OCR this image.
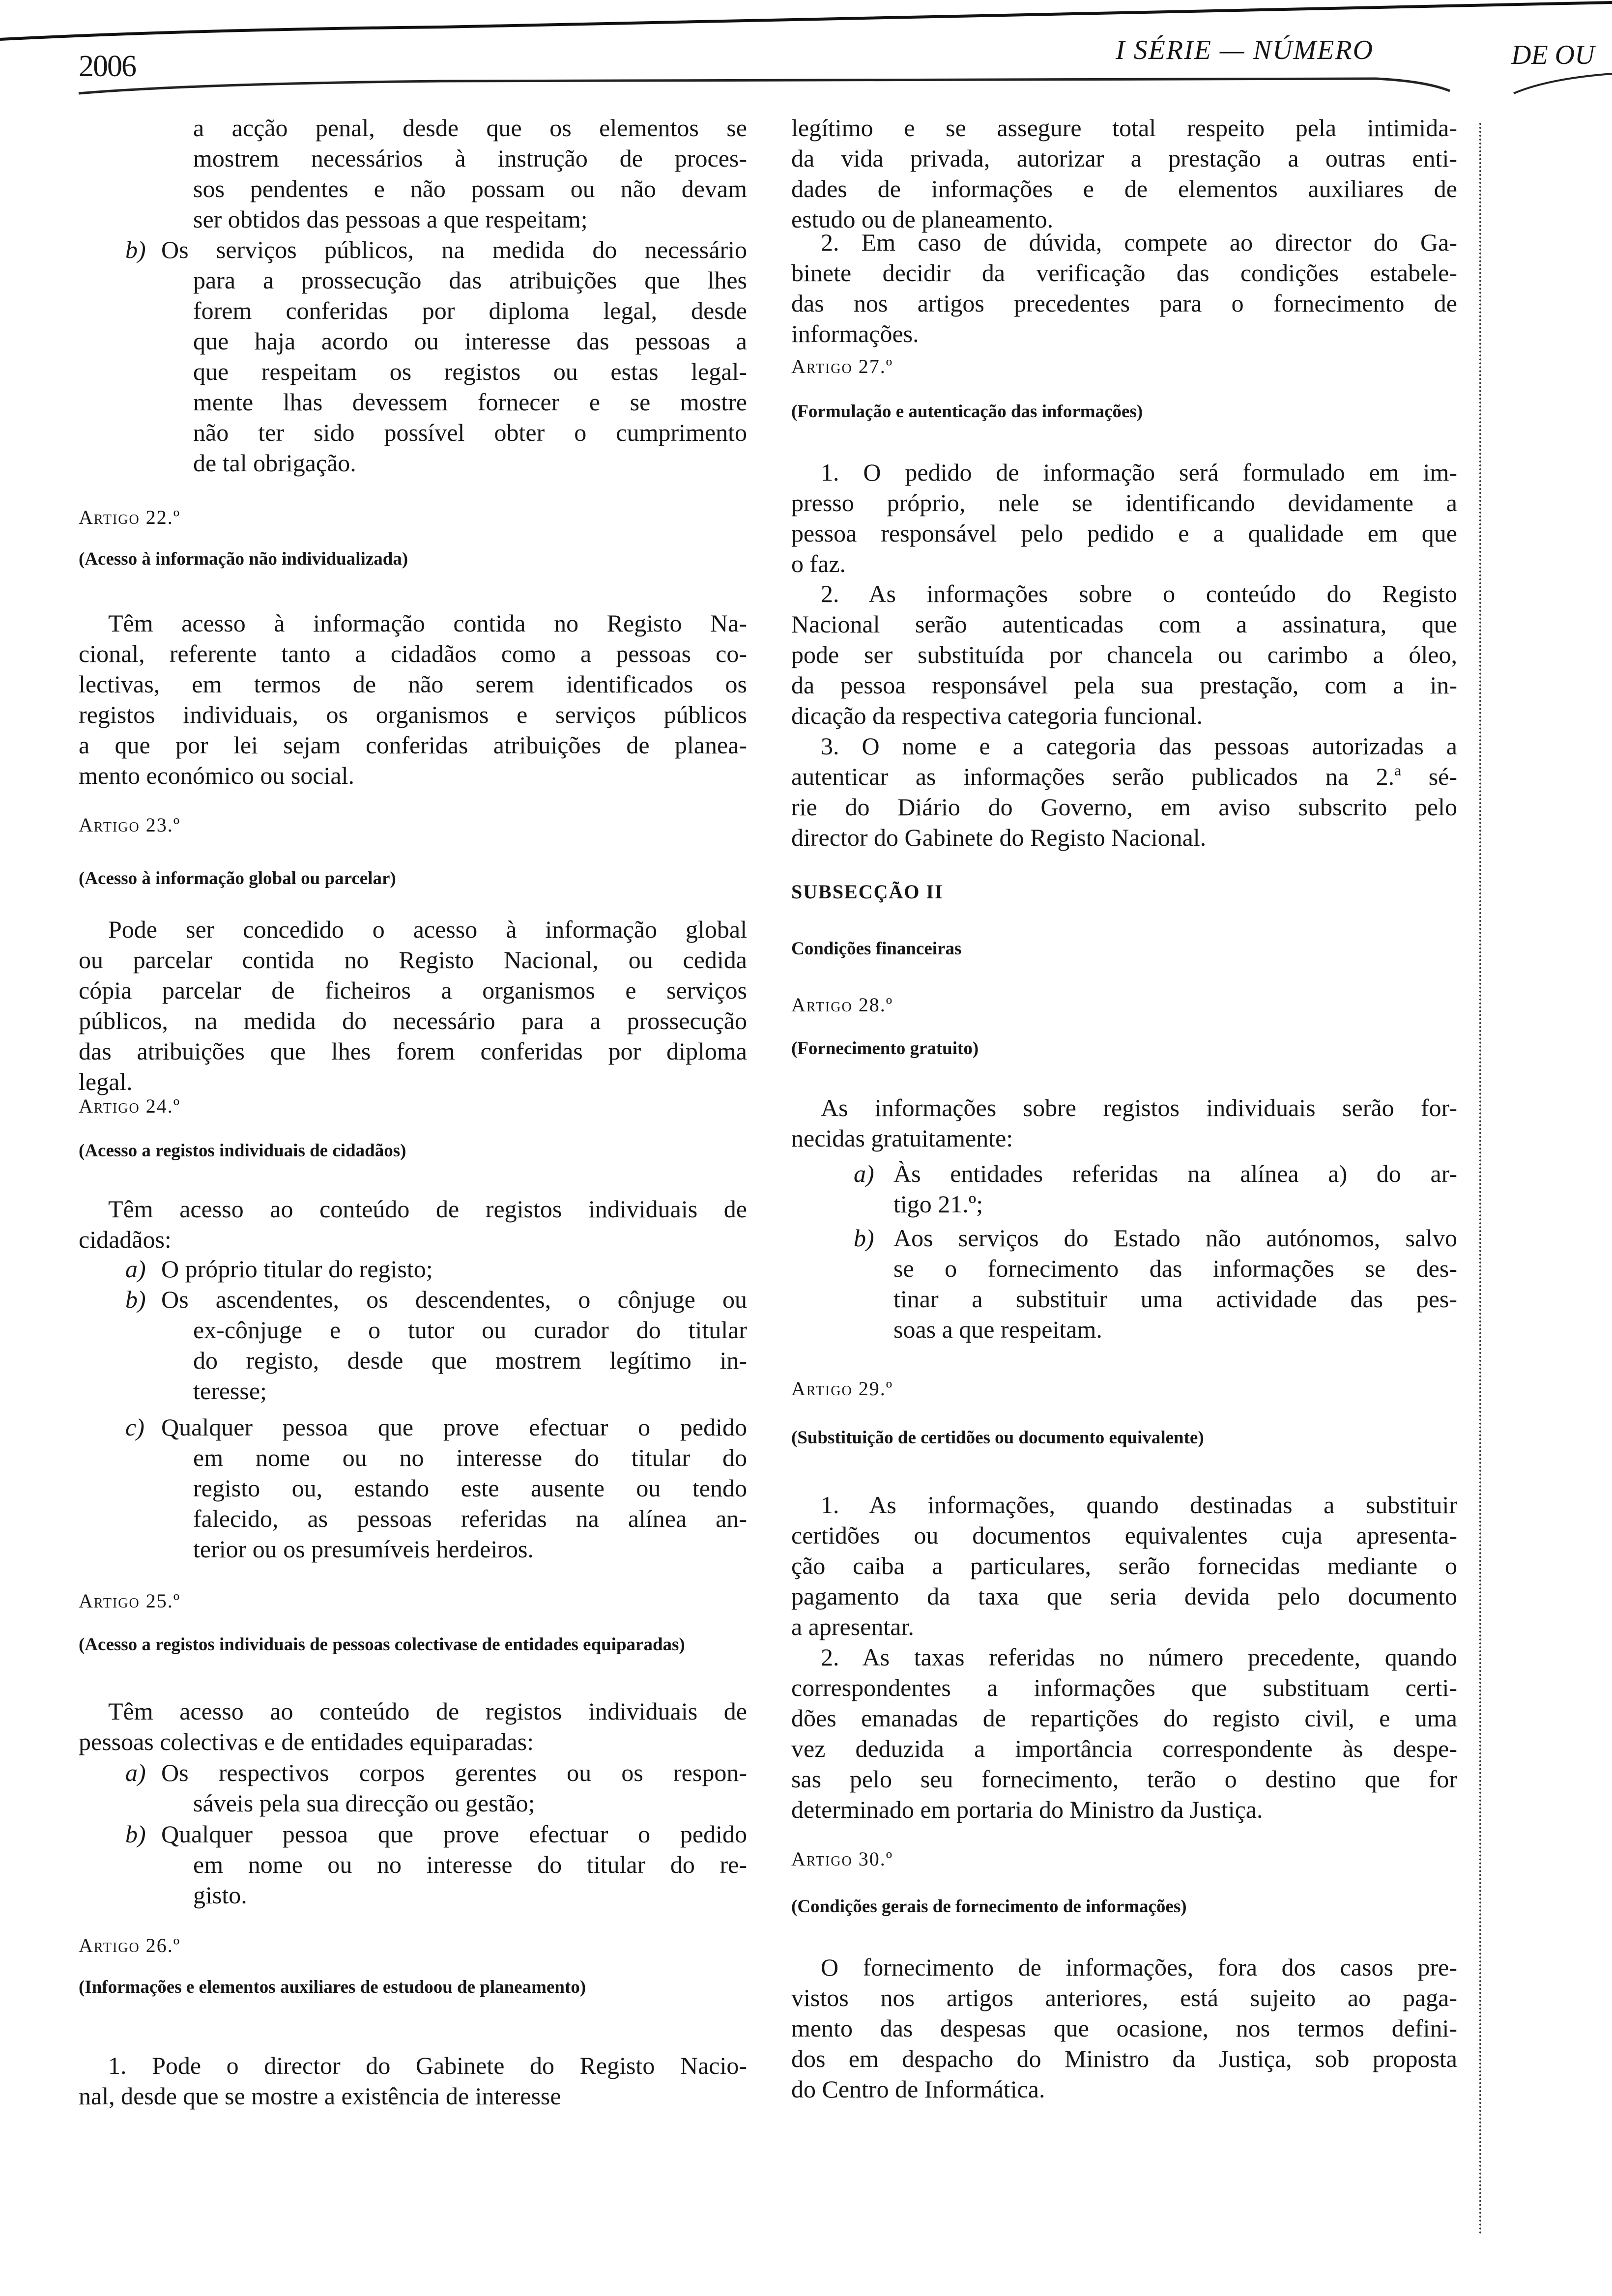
2006	I SÉRIE — NÚMERO	DE OU
a acção penal, desde que os elementos se
mostrem necessários à instrução de proces-
sos pendentes e não possam ou não devam
ser obtidos das pessoas a que respeitam;
b) Os serviços públicos, na medida do necessário
para a prossecução das atribuições que lhes
forem conferidas por diploma legal, desde
que haja acordo ou interesse das pessoas a
que respeitam os registos ou estas legal-
mente lhas devessem fornecer e se mostre
não ter sido possível obter o cumprimento
de tal obrigação.
Artigo 22.º
(Acesso à informação não individualizada)
Têm acesso à informação contida no Registo Na-
cional, referente tanto a cidadãos como a pessoas co-
lectivas, em termos de não serem identificados os
registos individuais, os organismos e serviços públicos
a que por lei sejam conferidas atribuições de planea-
mento económico ou social.
Artigo 23.º
(Acesso à informação global ou parcelar)
Pode ser concedido o acesso à informação global
ou parcelar contida no Registo Nacional, ou cedida
cópia parcelar de ficheiros a organismos e serviços
públicos, na medida do necessário para a prossecução
das atribuições que lhes forem conferidas por diploma
legal.
Artigo 24.º
(Acesso a registos individuais de cidadãos)
Têm acesso ao conteúdo de registos individuais de
cidadãos:
a) O próprio titular do registo;
b) Os ascendentes, os descendentes, o cônjuge ou
ex-cônjuge e o tutor ou curador do titular
do registo, desde que mostrem legítimo in-
teresse;
c) Qualquer pessoa que prove efectuar o pedido
em nome ou no interesse do titular do
registo ou, estando este ausente ou tendo
falecido, as pessoas referidas na alínea an-
terior ou os presumíveis herdeiros.
Artigo 25.º
(Acesso a registos individuais de pessoas colectivase de entidades equiparadas)
Têm acesso ao conteúdo de registos individuais de
pessoas colectivas e de entidades equiparadas:
a) Os respectivos corpos gerentes ou os respon-
sáveis pela sua direcção ou gestão;
b) Qualquer pessoa que prove efectuar o pedido
em nome ou no interesse do titular do re-
gisto.
Artigo 26.º
(Informações e elementos auxiliares de estudoou de planeamento)
1. Pode o director do Gabinete do Registo Nacio-
nal, desde que se mostre a existência de interesse
legítimo e se assegure total respeito pela intimida-
da vida privada, autorizar a prestação a outras enti-
dades de informações e de elementos auxiliares de
estudo ou de planeamento.
2. Em caso de dúvida, compete ao director do Ga-
binete decidir da verificação das condições estabele-
das nos artigos precedentes para o fornecimento de
informações.
Artigo 27.º
(Formulação e autenticação das informações)
1. O pedido de informação será formulado em im-
presso próprio, nele se identificando devidamente a
pessoa responsável pelo pedido e a qualidade em que
o faz.
2. As informações sobre o conteúdo do Registo
Nacional serão autenticadas com a assinatura, que
pode ser substituída por chancela ou carimbo a óleo,
da pessoa responsável pela sua prestação, com a in-
dicação da respectiva categoria funcional.
3. O nome e a categoria das pessoas autorizadas a
autenticar as informações serão publicados na 2.ª sé-
rie do Diário do Governo, em aviso subscrito pelo
director do Gabinete do Registo Nacional.
SUBSECÇÃO II
Condições financeiras
Artigo 28.º
(Fornecimento gratuito)
As informações sobre registos individuais serão for-
necidas gratuitamente:
a) Às entidades referidas na alínea a) do ar-
tigo 21.º;
b) Aos serviços do Estado não autónomos, salvo
se o fornecimento das informações se des-
tinar a substituir uma actividade das pes-
soas a que respeitam.
Artigo 29.º
(Substituição de certidões ou documento equivalente)
1. As informações, quando destinadas a substituir
certidões ou documentos equivalentes cuja apresenta-
ção caiba a particulares, serão fornecidas mediante o
pagamento da taxa que seria devida pelo documento
a apresentar.
2. As taxas referidas no número precedente, quando
correspondentes a informações que substituam certi-
dões emanadas de repartições do registo civil, e uma
vez deduzida a importância correspondente às despe-
sas pelo seu fornecimento, terão o destino que for
determinado em portaria do Ministro da Justiça.
Artigo 30.º
(Condições gerais de fornecimento de informações)
O fornecimento de informações, fora dos casos pre-
vistos nos artigos anteriores, está sujeito ao paga-
mento das despesas que ocasione, nos termos defini-
dos em despacho do Ministro da Justiça, sob proposta
do Centro de Informática.
